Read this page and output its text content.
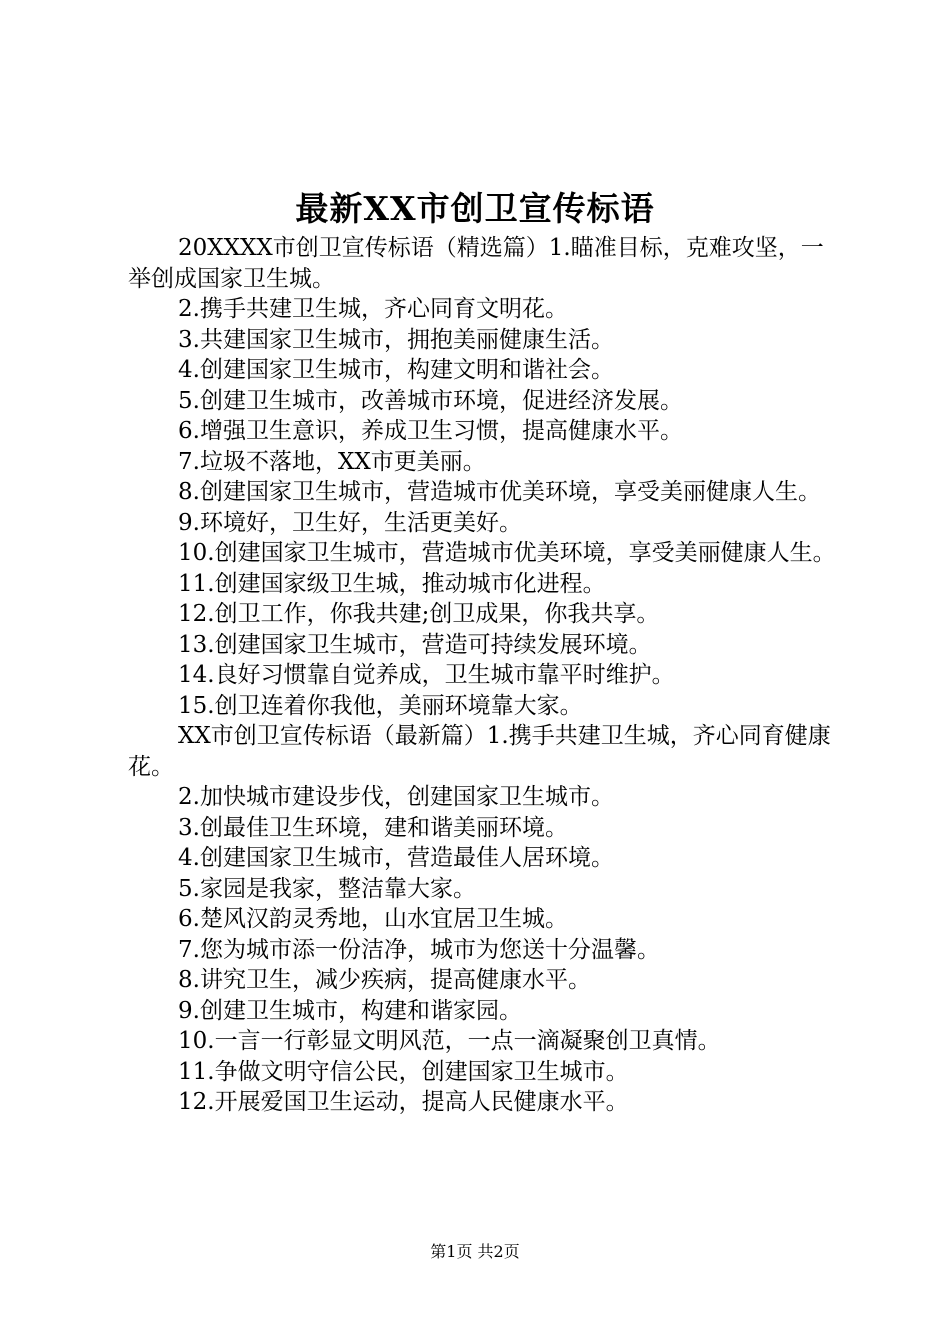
最新XX市创卫宣传标语

20XXXX市创卫宣传标语（精选篇）1.瞄准目标，克难攻坚，一举创成国家卫生城。

2.携手共建卫生城，齐心同育文明花。

3.共建国家卫生城市，拥抱美丽健康生活。

4.创建国家卫生城市，构建文明和谐社会。

5.创建卫生城市，改善城市环境，促进经济发展。

6.增强卫生意识，养成卫生习惯，提高健康水平。

7.垃圾不落地，XX市更美丽。

8.创建国家卫生城市，营造城市优美环境，享受美丽健康人生。

9.环境好，卫生好，生活更美好。

10.创建国家卫生城市，营造城市优美环境，享受美丽健康人生。

11.创建国家级卫生城，推动城市化进程。

12.创卫工作，你我共建;创卫成果，你我共享。

13.创建国家卫生城市，营造可持续发展环境。

14.良好习惯靠自觉养成，卫生城市靠平时维护。

15.创卫连着你我他，美丽环境靠大家。

XX市创卫宣传标语（最新篇）1.携手共建卫生城，齐心同育健康花。

2.加快城市建设步伐，创建国家卫生城市。

3.创最佳卫生环境，建和谐美丽环境。

4.创建国家卫生城市，营造最佳人居环境。

5.家园是我家，整洁靠大家。

6.楚风汉韵灵秀地，山水宜居卫生城。

7.您为城市添一份洁净，城市为您送十分温馨。

8.讲究卫生，减少疾病，提高健康水平。

9.创建卫生城市，构建和谐家园。

10.一言一行彰显文明风范，一点一滴凝聚创卫真情。

11.争做文明守信公民，创建国家卫生城市。

12.开展爱国卫生运动，提高人民健康水平。

第1页 共2页
